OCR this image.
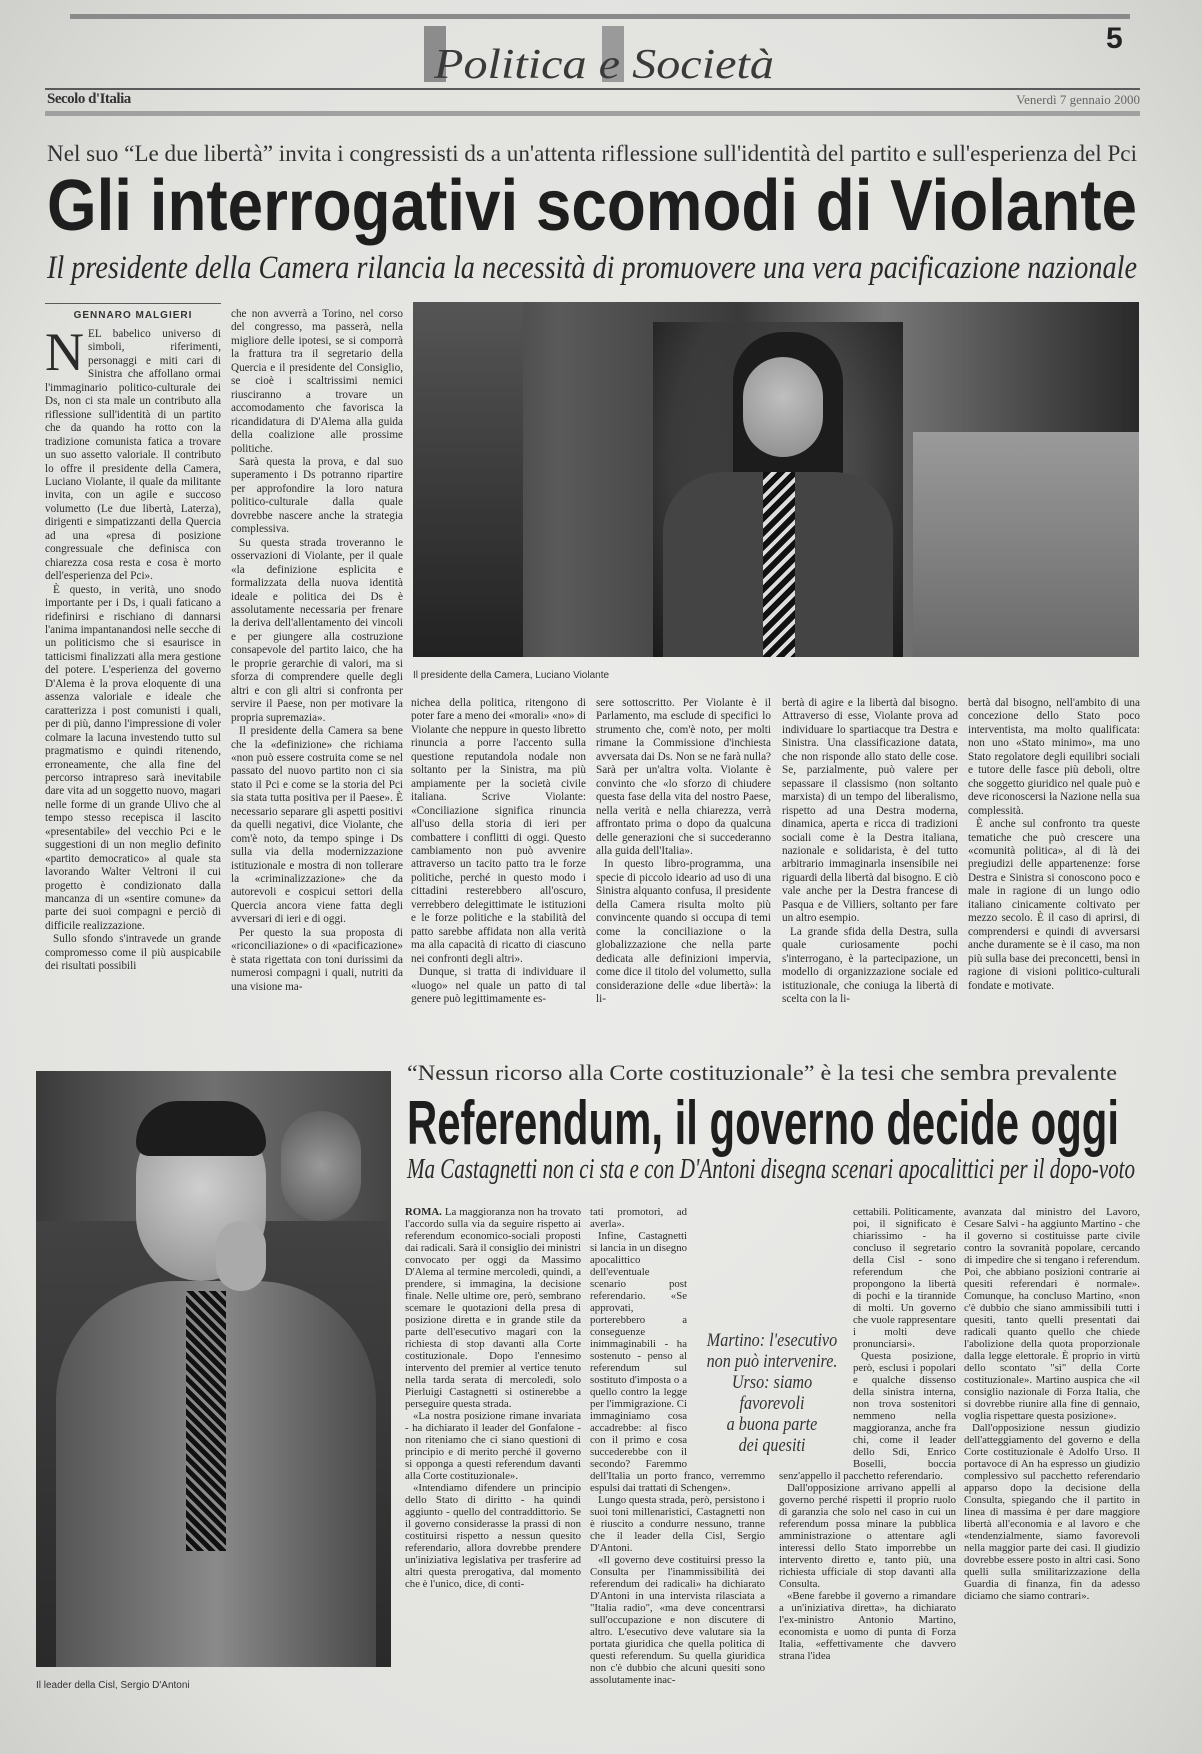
Politica e Società
5
Secolo d'Italia	Venerdì 7 gennaio 2000
Nel suo “Le due libertà” invita i congressisti ds a un'attenta riflessione sull'identità del partito e sull'esperienza del Pci
Gli interrogativi scomodi di Violante
Il presidente della Camera rilancia la necessità di promuovere una vera pacificazione nazionale
GENNARO MALGIERI

NEL babelico universo di simboli, riferimenti, personaggi e miti cari di Sinistra che affollano ormai l'immaginario politico-culturale dei Ds, non ci sta male un contributo alla riflessione sull'identità di un partito che da quando ha rotto con la tradizione comunista fatica a trovare un suo assetto valoriale. Il contributo lo offre il presidente della Camera, Luciano Violante, il quale da militante invita, con un agile e succoso volumetto (Le due libertà, Laterza), dirigenti e simpatizzanti della Quercia ad una «presa di posizione congressuale che definisca con chiarezza cosa resta e cosa è morto dell'esperienza del Pci».

È questo, in verità, uno snodo importante per i Ds, i quali faticano a ridefinirsi e rischiano di dannarsi l'anima impantanandosi nelle secche di un politicismo che si esaurisce in tatticismi finalizzati alla mera gestione del potere. L'esperienza del governo D'Alema è la prova eloquente di una assenza valoriale e ideale che caratterizza i post comunisti i quali, per di più, danno l'impressione di voler colmare la lacuna investendo tutto sul pragmatismo e quindi ritenendo, erroneamente, che alla fine del percorso intrapreso sarà inevitabile dare vita ad un soggetto nuovo, magari nelle forme di un grande Ulivo che al tempo stesso recepisca il lascito «presentabile» del vecchio Pci e le suggestioni di un non meglio definito «partito democratico» al quale sta lavorando Walter Veltroni il cui progetto è condizionato dalla mancanza di un «sentire comune» da parte dei suoi compagni e perciò di difficile realizzazione.

Sullo sfondo s'intravede un grande compromesso come il più auspicabile dei risultati possibili

che non avverrà a Torino, nel corso del congresso, ma passerà, nella migliore delle ipotesi, se si comporrà la frattura tra il segretario della Quercia e il presidente del Consiglio, se cioè i scaltrissimi nemici riusciranno a trovare un accomodamento che favorisca la ricandidatura di D'Alema alla guida della coalizione alle prossime politiche.

Sarà questa la prova, e dal suo superamento i Ds potranno ripartire per approfondire la loro natura politico-culturale dalla quale dovrebbe nascere anche la strategia complessiva.

Su questa strada troveranno le osservazioni di Violante, per il quale «la definizione esplicita e formalizzata della nuova identità ideale e politica dei Ds è assolutamente necessaria per frenare la deriva dell'allentamento dei vincoli e per giungere alla costruzione consapevole del partito laico, che ha le proprie gerarchie di valori, ma si sforza di comprendere quelle degli altri e con gli altri si confronta per servire il Paese, non per motivare la propria supremazia».

Il presidente della Camera sa bene che la «definizione» che richiama «non può essere costruita come se nel passato del nuovo partito non ci sia stato il Pci e come se la storia del Pci sia stata tutta positiva per il Paese». È necessario separare gli aspetti positivi da quelli negativi, dice Violante, che com'è noto, da tempo spinge i Ds sulla via della modernizzazione istituzionale e mostra di non tollerare la «criminalizzazione» che da autorevoli e cospicui settori della Quercia ancora viene fatta degli avversari di ieri e di oggi.

Per questo la sua proposta di «riconciliazione» o di «pacificazione» è stata rigettata con toni durissimi da numerosi compagni i quali, nutriti da una visione ma-

Il presidente della Camera, Luciano Violante

nichea della politica, ritengono di poter fare a meno dei «morali» «no» di Violante che neppure in questo libretto rinuncia a porre l'accento sulla questione reputandola nodale non soltanto per la Sinistra, ma più ampiamente per la società civile italiana. Scrive Violante: «Conciliazione significa rinuncia all'uso della storia di ieri per combattere i conflitti di oggi. Questo cambiamento non può avvenire attraverso un tacito patto tra le forze politiche, perché in questo modo i cittadini resterebbero all'oscuro, verrebbero delegittimate le istituzioni e le forze politiche e la stabilità del patto sarebbe affidata non alla verità ma alla capacità di ricatto di ciascuno nei confronti degli altri».

Dunque, si tratta di individuare il «luogo» nel quale un patto di tal genere può legittimamente es-

sere sottoscritto. Per Violante è il Parlamento, ma esclude di specifici lo strumento che, com'è noto, per molti rimane la Commissione d'inchiesta avversata dai Ds. Non se ne farà nulla? Sarà per un'altra volta. Violante è convinto che «lo sforzo di chiudere questa fase della vita del nostro Paese, nella verità e nella chiarezza, verrà affrontato prima o dopo da qualcuna delle generazioni che si succederanno alla guida dell'Italia».

In questo libro-programma, una specie di piccolo ideario ad uso di una Sinistra alquanto confusa, il presidente della Camera risulta molto più convincente quando si occupa di temi come la conciliazione o la globalizzazione che nella parte dedicata alle definizioni impervia, come dice il titolo del volumetto, sulla considerazione delle «due libertà»: la li-

bertà di agire e la libertà dal bisogno. Attraverso di esse, Violante prova ad individuare lo spartiacque tra Destra e Sinistra. Una classificazione datata, che non risponde allo stato delle cose. Se, parzialmente, può valere per sepassare il classismo (non soltanto marxista) di un tempo del liberalismo, rispetto ad una Destra moderna, dinamica, aperta e ricca di tradizioni sociali come è la Destra italiana, nazionale e solidarista, è del tutto arbitrario immaginarla insensibile nei riguardi della libertà dal bisogno. E ciò vale anche per la Destra francese di Pasqua e de Villiers, soltanto per fare un altro esempio.

La grande sfida della Destra, sulla quale curiosamente pochi s'interrogano, è la partecipazione, un modello di organizzazione sociale ed istituzionale, che coniuga la libertà di scelta con la li-

bertà dal bisogno, nell'ambito di una concezione dello Stato poco interventista, ma molto qualificata: non uno «Stato minimo», ma uno Stato regolatore degli equilibri sociali e tutore delle fasce più deboli, oltre che soggetto giuridico nel quale può e deve riconoscersi la Nazione nella sua complessità.

È anche sul confronto tra queste tematiche che può crescere una «comunità politica», al di là dei pregiudizi delle appartenenze: forse Destra e Sinistra si conoscono poco e male in ragione di un lungo odio italiano cinicamente coltivato per mezzo secolo. È il caso di aprirsi, di comprendersi e quindi di avversarsi anche duramente se è il caso, ma non più sulla base dei preconcetti, bensì in ragione di visioni politico-culturali fondate e motivate.

Il leader della Cisl, Sergio D'Antoni
“Nessun ricorso alla Corte costituzionale” è la tesi che sembra prevalente
Referendum, il governo decide oggi
Ma Castagnetti non ci sta e con D'Antoni disegna scenari apocalittici per il dopo-voto

ROMA. La maggioranza non ha trovato l'accordo sulla via da seguire rispetto ai referendum economico-sociali proposti dai radicali. Sarà il consiglio dei ministri convocato per oggi da Massimo D'Alema al termine mercoledì, quindi, a prendere, si immagina, la decisione finale. Nelle ultime ore, però, sembrano scemare le quotazioni della presa di posizione diretta e in grande stile da parte dell'esecutivo magari con la richiesta di stop davanti alla Corte costituzionale. Dopo l'ennesimo intervento del premier al vertice tenuto nella tarda serata di mercoledì, solo Pierluigi Castagnetti si ostinerebbe a perseguire questa strada.

«La nostra posizione rimane invariata - ha dichiarato il leader del Gonfalone - non riteniamo che ci siano questioni di principio e di merito perché il governo si opponga a questi referendum davanti alla Corte costituzionale».

«Intendiamo difendere un principio dello Stato di diritto - ha quindi aggiunto - quello del contraddittorio. Se il governo considerasse la prassi di non costituirsi rispetto a nessun quesito referendario, allora dovrebbe prendere un'iniziativa legislativa per trasferire ad altri questa prerogativa, dal momento che è l'unico, dice, di conti-

tati promotori, ad averla».

Infine, Castagnetti si lancia in un disegno apocalittico dell'eventuale scenario post referendario. «Se approvati, porterebbero a conseguenze inimmaginabili - ha sostenuto - penso al referendum sul sostituto d'imposta o a quello contro la legge per l'immigrazione. Ci immaginiamo cosa accadrebbe: al fisco con il primo e cosa succederebbe con il secondo? Faremmo dell'Italia un porto franco, verremmo espulsi dai trattati di Schengen».

Lungo questa strada, però, persistono i suoi toni millenaristici, Castagnetti non è riuscito a condurre nessuno, tranne che il leader della Cisl, Sergio D'Antoni.

«Il governo deve costituirsi presso la Consulta per l'inammissibilità dei referendum dei radicali» ha dichiarato D'Antoni in una intervista rilasciata a "Italia radio", «ma deve concentrarsi sull'occupazione e non discutere di altro. L'esecutivo deve valutare sia la portata giuridica che quella politica di questi referendum. Su quella giuridica non c'è dubbio che alcuni quesiti sono assolutamente inac-

cettabili. Politicamente, poi, il significato è chiarissimo - ha concluso il segretario della Cisl - sono referendum che propongono la libertà di pochi e la tirannide di molti. Un governo che vuole rappresentare i molti deve pronunciarsi».

Questa posizione, però, esclusi i popolari e qualche dissenso della sinistra interna, non trova sostenitori nemmeno nella maggioranza, anche fra chi, come il leader dello Sdi, Enrico Boselli, boccia senz'appello il pacchetto referendario.

Dall'opposizione arrivano appelli al governo perché rispetti il proprio ruolo di garanzia che solo nel caso in cui un referendum possa minare la pubblica amministrazione o attentare agli interessi dello Stato imporrebbe un intervento diretto e, tanto più, una richiesta ufficiale di stop davanti alla Consulta.

«Bene farebbe il governo a rimandare a un'iniziativa diretta», ha dichiarato l'ex-ministro Antonio Martino, economista e uomo di punta di Forza Italia, «effettivamente che davvero strana l'idea

avanzata dal ministro del Lavoro, Cesare Salvi - ha aggiunto Martino - che il governo si costituisse parte civile contro la sovranità popolare, cercando di impedire che si tengano i referendum. Poi, che abbiano posizioni contrarie ai quesiti referendari è normale». Comunque, ha concluso Martino, «non c'è dubbio che siano ammissibili tutti i quesiti, tanto quelli presentati dai radicali quanto quello che chiede l'abolizione della quota proporzionale dalla legge elettorale. È proprio in virtù dello scontato "sì" della Corte costituzionale». Martino auspica che «il consiglio nazionale di Forza Italia, che si dovrebbe riunire alla fine di gennaio, voglia rispettare questa posizione».

Dall'opposizione nessun giudizio dell'atteggiamento del governo e della Corte costituzionale è Adolfo Urso. Il portavoce di An ha espresso un giudizio complessivo sul pacchetto referendario apparso dopo la decisione della Consulta, spiegando che il partito in linea di massima è per dare maggiore libertà all'economia e al lavoro e che «tendenzialmente, siamo favorevoli nella maggior parte dei casi. Il giudizio dovrebbe essere posto in altri casi. Sono quelli sulla smilitarizzazione della Guardia di finanza, fin da adesso diciamo che siamo contrari».

Martino: l'esecutivo
non può intervenire.
Urso: siamo
favorevoli
a buona parte
dei quesiti
